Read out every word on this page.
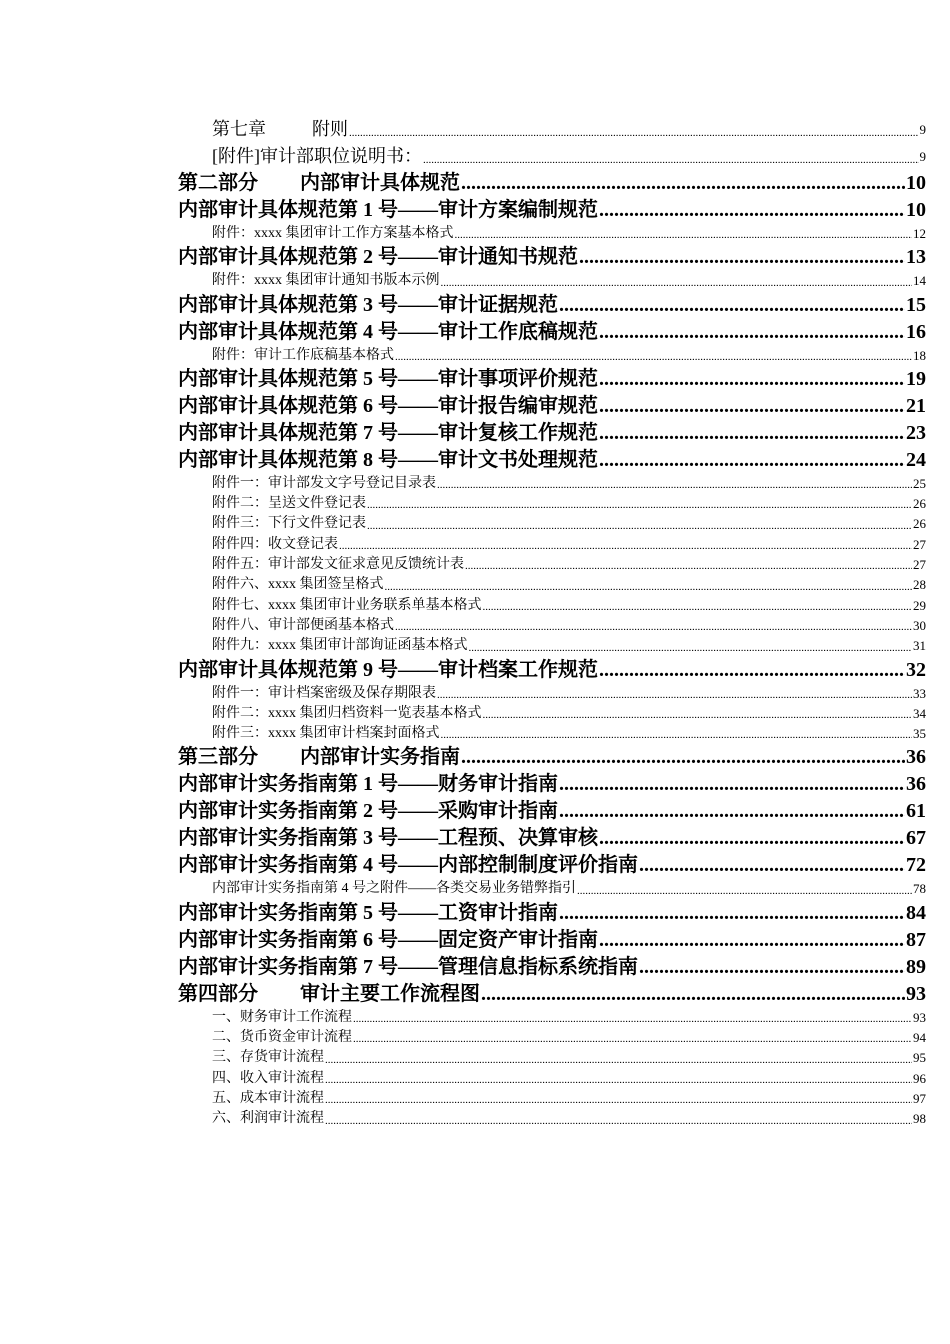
第七章	附则 .....	9
[附件]审计部职位说明书： .....	9
第二部分 内部审计具体规范 .....	10
内部审计具体规范第 1 号——审计方案编制规范 .....	10
附件：xxxx 集团审计工作方案基本格式 .....	12
内部审计具体规范第 2 号——审计通知书规范 .....	13
附件：xxxx 集团审计通知书版本示例 .....	14
内部审计具体规范第 3 号——审计证据规范 .....	15
内部审计具体规范第 4 号——审计工作底稿规范 .....	16
附件：审计工作底稿基本格式 .....	18
内部审计具体规范第 5 号——审计事项评价规范 .....	19
内部审计具体规范第 6 号——审计报告编审规范 .....	21
内部审计具体规范第 7 号——审计复核工作规范 .....	23
内部审计具体规范第 8 号——审计文书处理规范 .....	24
附件一：审计部发文字号登记目录表 .....	25
附件二：呈送文件登记表 .....	26
附件三：下行文件登记表 .....	26
附件四：收文登记表 .....	27
附件五：审计部发文征求意见反馈统计表 .....	27
附件六、xxxx 集团签呈格式 .....	28
附件七、xxxx 集团审计业务联系单基本格式 .....	29
附件八、审计部便函基本格式 .....	30
附件九：xxxx 集团审计部询证函基本格式 .....	31
内部审计具体规范第 9 号——审计档案工作规范 .....	32
附件一：审计档案密级及保存期限表 .....	33
附件二：xxxx 集团归档资料一览表基本格式 .....	34
附件三：xxxx 集团审计档案封面格式 .....	35
第三部分 内部审计实务指南 .....	36
内部审计实务指南第 1 号——财务审计指南 .....	36
内部审计实务指南第 2 号——采购审计指南 .....	61
内部审计实务指南第 3 号——工程预、决算审核 .....	67
内部审计实务指南第 4 号——内部控制制度评价指南 .....	72
内部审计实务指南第 4 号之附件——各类交易业务错弊指引 .....	78
内部审计实务指南第 5 号——工资审计指南 .....	84
内部审计实务指南第 6 号——固定资产审计指南 .....	87
内部审计实务指南第 7 号——管理信息指标系统指南 .....	89
第四部分 审计主要工作流程图 .....	93
一、财务审计工作流程 .....	93
二、货币资金审计流程 .....	94
三、存货审计流程 .....	95
四、收入审计流程 .....	96
五、成本审计流程 .....	97
六、利润审计流程 .....	98
